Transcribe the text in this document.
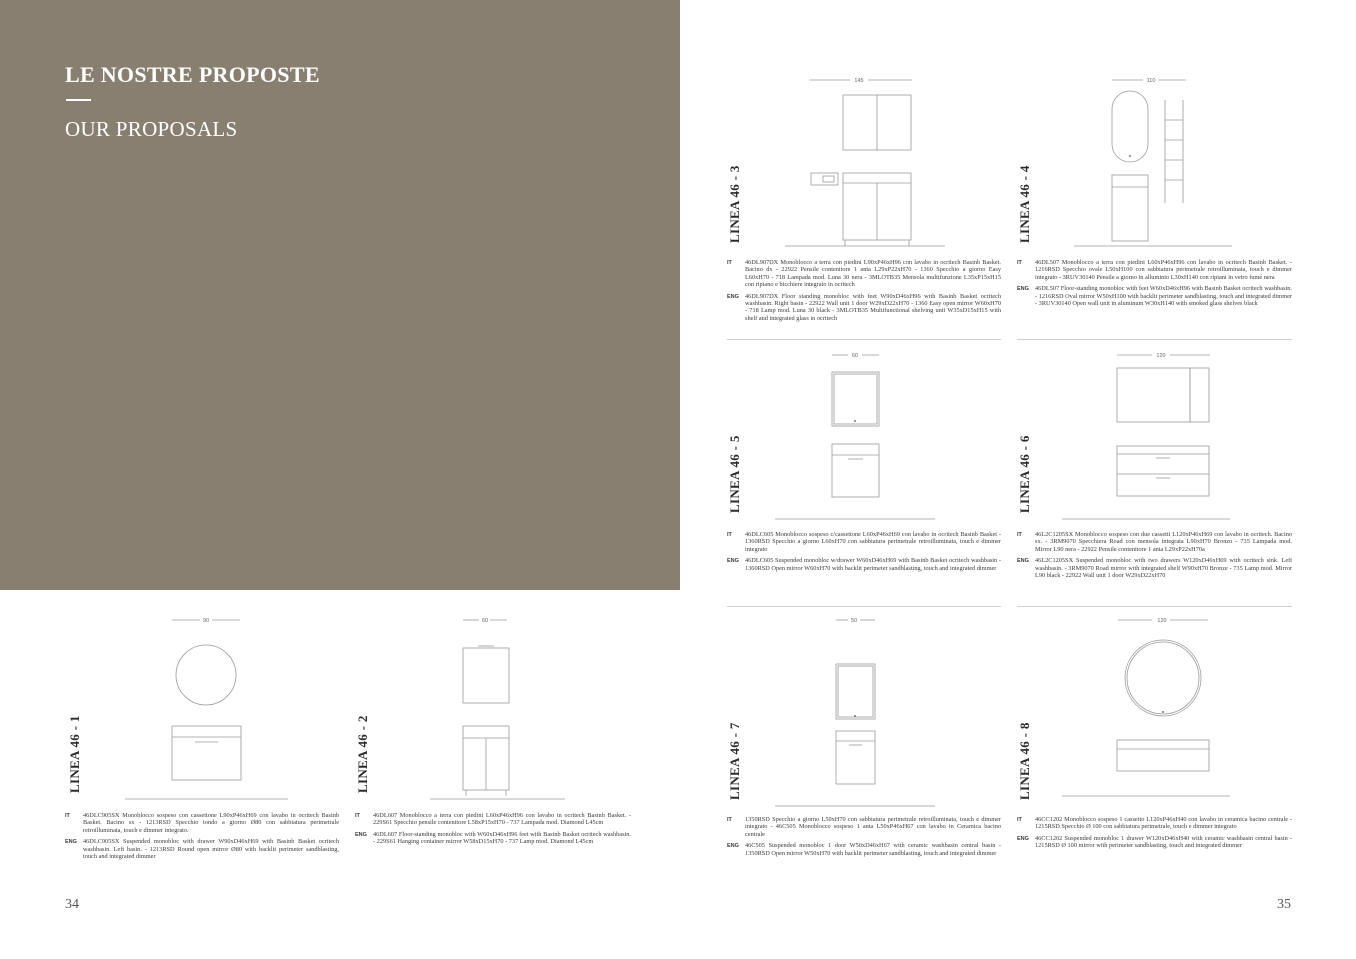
LE NOSTRE PROPOSTE
OUR PROPOSALS
90
LINEA 46 - 1
IT	46DLC905SX Monoblocco sospeso con cassettone L90xP46xH69 con lavabo in ocritech Basinb Basket. Bacino sx - 1213RSD Specchio tondo a giorno Ø80 con sabbiatura perimetrale retroilluminata, touch e dimmer integrato.
ENG 46DLC905SX Suspended monobloc with drawer W90xD46xH69 with Basinb Basket ocritech washbasin. Left basin. - 1213RSD Round open mirror Ø80 with backlit perimeter sandblasting, touch and integrated dimmer
60
LINEA 46 - 2
IT	46DL607 Monoblocco a terra con piedini L60xP46xH96 con lavabo in ocritech Basinb Basket. - 229S61 Specchio pensile contenitore L58xP15xH70 - 737 Lampada mod. Diamond L45cm
ENG 46DL607 Floor-standing monobloc with W60xD46xH96 feet with Basinb Basket ocritech washbasin. - 229S61 Hanging container mirror W58xD15xH70 - 737 Lamp mod. Diamond L45cm
145
LINEA 46 - 3
IT	46DL907DX Monoblocco a terra con piedini L90xP46xH96 con lavabo in ocritech Basinb Basket. Bacino dx - 22922 Pensile contenitore 1 anta L29xP22xH70 - 1360 Specchio a giorno Easy L60xH70 - 718 Lampada mod. Luna 30 nera - 3MLOTB35 Mensola multifunzione L35xP15xH15 con ripiano e bicchiere integrato in ocritech
ENG 46DL907DX Floor standing monobloc with feet W90xD46xH96 with Basinb Basket ocritech washbasin. Right basin - 22922 Wall unit 1 door W29xD22xH70 - 1360 Easy open mirror W60xH70 - 718 Lamp mod. Luna 30 black - 3MLOTB35 Multifunctional shelving unit W35xD15xH15 with shelf and integrated glass in ocritech
110
LINEA 46 - 4
IT	46DL507 Monoblocco a terra con piedini L60xP46xH96 con lavabo in ocritech Basinb Basket. - 1216RSD Specchio ovale L50xH100 con sabbiatura perimetrale retroilluminata, touch e dimmer integrato - 3RUV30140 Pensile a giorno in alluminio L30xH140 con ripiani in vetro fumé nera
ENG 46DL507 Floor-standing monobloc with feet W60xD46xH96 with Basinb Basket ocritech washbasin. - 1216RSD Oval mirror W50xH100 with backlit perimeter sandblasting, touch and integrated dimmer - 3RUV30140 Open wall unit in aluminum W30xH140 with smoked glass shelves black
60
LINEA 46 - 5
IT	46DLC605 Monoblocco sospeso c/cassettone L60xP46xH69 con lavabo in ocritech Basinb Basket - 1360RSD Specchio a giorno L60xH70 con sabbiatura perimetrale retroilluminata, touch e dimmer integrato
ENG 46DLC605 Suspended monobloc w/drawer W60xD46xH69 with Basinb Basket ocritech washbasin - 1360RSD Open mirror W60xH70 with backlit perimeter sandblasting, touch and integrated dimmer
120
LINEA 46 - 6
IT	46L2C1205SX Monoblocco sospeso con due cassetti L120xP46xH69 con lavabo in ocritech. Bacino sx. - 3RM9070 Specchiera Road con mensola integrata L90xH70 Bronzo - 735 Lampada mod. Mirror L90 nera - 22922 Pensile contenitore 1 anta L29xP22xH70a
ENG 46L2C1205SX Suspended monobloc with two drawers W120xD46xH69 with ocritech sink. Left washbasin. - 3RM9070 Road mirror with integrated shelf W90xH70 Bronze - 735 Lamp mod. Mirror L90 black - 22922 Wall unit 1 door W29xD22xH70
50
LINEA 46 - 7
IT	1350RSD Specchio a giorno L50xH70 con sabbiatura perimetrale retroilluminata, touch e dimmer integrato - 46C505 Monoblocco sospeso 1 anta L50xP46xH67 con lavabo in Ceramica bacino centrale
ENG 46C505 Suspended monobloc 1 door W50xD46xH67 with ceramic washbasin central basin - 1350RSD Open mirror W50xH70 with backlit perimeter sandblasting, touch and integrated dimmer
120
LINEA 46 - 8
IT	46CC1202 Monoblocco sospeso 1 cassetto L120xP46xH40 con lavabo in ceramica bacino centrale - 1215RSD Specchio Ø 100 con sabbiatura perimetrale, touch e dimmer integrato
ENG 46CC1202 Suspended monobloc 1 drawer W120xD46xH40 with ceramic washbasin central basin - 1215RSD Ø 100 mirror with perimeter sandblasting, touch and integrated dimmer
34	35
